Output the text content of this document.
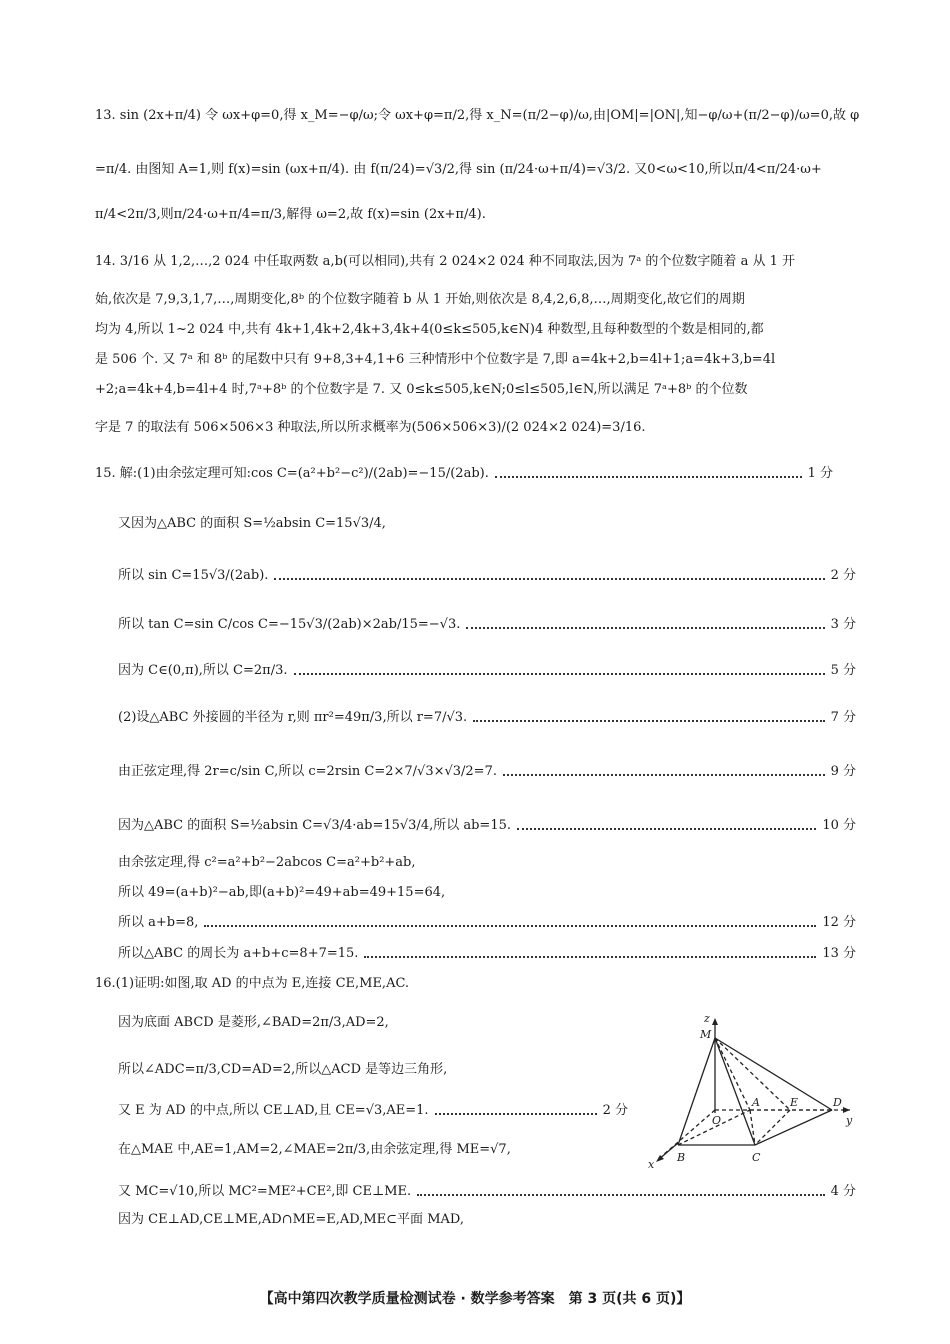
13. sin (2x+π/4) 令 ωx+φ=0,得 x_M=−φ/ω;令 ωx+φ=π/2,得 x_N=(π/2−φ)/ω,由|OM|=|ON|,知−φ/ω+(π/2−φ)/ω=0,故 φ
=π/4. 由图知 A=1,则 f(x)=sin (ωx+π/4). 由 f(π/24)=√3/2,得 sin (π/24·ω+π/4)=√3/2. 又0<ω<10,所以π/4<π/24·ω+
π/4<2π/3,则π/24·ω+π/4=π/3,解得 ω=2,故 f(x)=sin (2x+π/4).
14. 3/16 从 1,2,…,2 024 中任取两数 a,b(可以相同),共有 2 024×2 024 种不同取法,因为 7ᵃ 的个位数字随着 a 从 1 开
始,依次是 7,9,3,1,7,…,周期变化,8ᵇ 的个位数字随着 b 从 1 开始,则依次是 8,4,2,6,8,…,周期变化,故它们的周期
均为 4,所以 1~2 024 中,共有 4k+1,4k+2,4k+3,4k+4(0≤k≤505,k∈N)4 种数型,且每种数型的个数是相同的,都
是 506 个. 又 7ᵃ 和 8ᵇ 的尾数中只有 9+8,3+4,1+6 三种情形中个位数字是 7,即 a=4k+2,b=4l+1;a=4k+3,b=4l
+2;a=4k+4,b=4l+4 时,7ᵃ+8ᵇ 的个位数字是 7. 又 0≤k≤505,k∈N;0≤l≤505,l∈N,所以满足 7ᵃ+8ᵇ 的个位数
字是 7 的取法有 506×506×3 种取法,所以所求概率为(506×506×3)/(2 024×2 024)=3/16.
15. 解:(1)由余弦定理可知:cos C=(a²+b²−c²)/(2ab)=−15/(2ab).	1 分
又因为△ABC 的面积 S=½absin C=15√3/4,
所以 sin C=15√3/(2ab).	2 分
所以 tan C=sin C/cos C=−15√3/(2ab)×2ab/15=−√3.	3 分
因为 C∈(0,π),所以 C=2π/3.	5 分
(2)设△ABC 外接圆的半径为 r,则 πr²=49π/3,所以 r=7/√3.	7 分
由正弦定理,得 2r=c/sin C,所以 c=2rsin C=2×7/√3×√3/2=7.	9 分
因为△ABC 的面积 S=½absin C=√3/4·ab=15√3/4,所以 ab=15.	10 分
由余弦定理,得 c²=a²+b²−2abcos C=a²+b²+ab,
所以 49=(a+b)²−ab,即(a+b)²=49+ab=49+15=64,
所以 a+b=8,	12 分
所以△ABC 的周长为 a+b+c=8+7=15.	13 分
16.(1)证明:如图,取 AD 的中点为 E,连接 CE,ME,AC.
因为底面 ABCD 是菱形,∠BAD=2π/3,AD=2,
所以∠ADC=π/3,CD=AD=2,所以△ACD 是等边三角形,
又 E 为 AD 的中点,所以 CE⊥AD,且 CE=√3,AE=1.	2 分
在△MAE 中,AE=1,AM=2,∠MAE=2π/3,由余弦定理,得 ME=√7,
又 MC=√10,所以 MC²=ME²+CE²,即 CE⊥ME.	4 分
因为 CE⊥AD,CE⊥ME,AD∩ME=E,AD,ME⊂平面 MAD,
z
M
A	E	D
O	y
x
B	C
【高中第四次教学质量检测试卷 · 数学参考答案　第 3 页(共 6 页)】
